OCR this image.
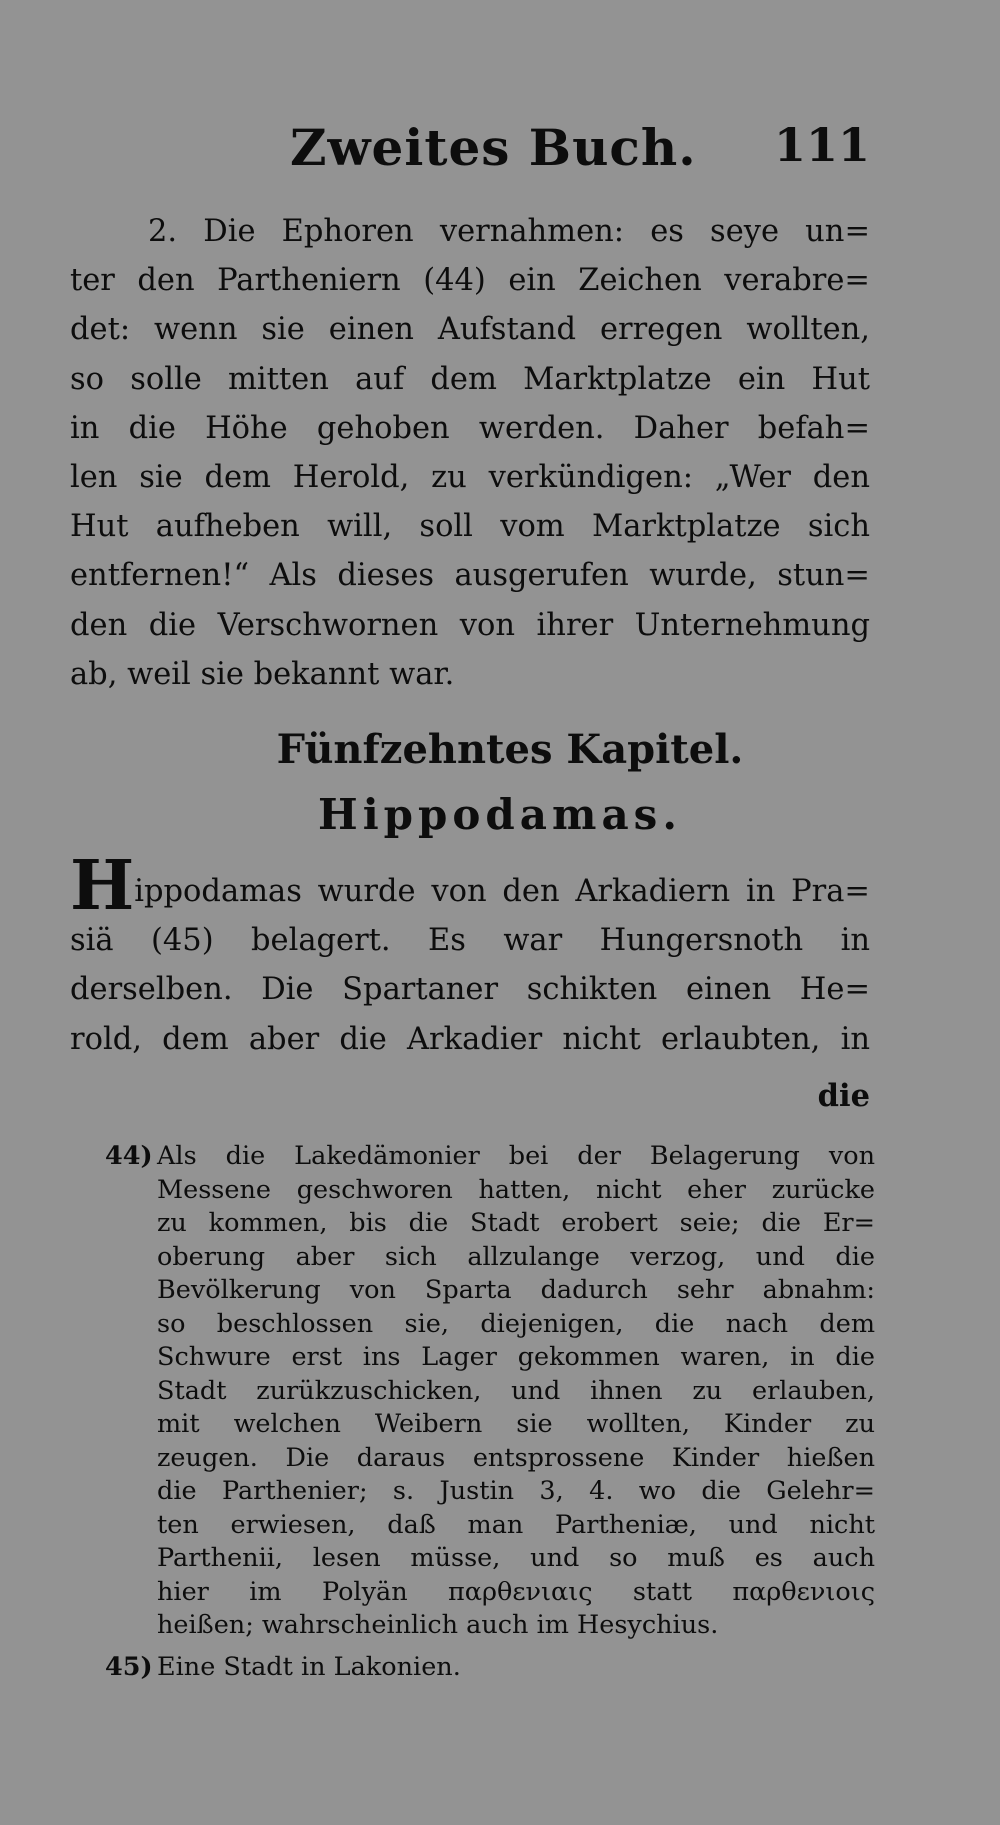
Zweites Buch. 111
2. Die Ephoren vernahmen: es seye un=
ter den Partheniern (44) ein Zeichen verabre=
det: wenn sie einen Aufstand erregen wollten,
so solle mitten auf dem Marktplatze ein Hut
in die Höhe gehoben werden. Daher befah=
len sie dem Herold, zu verkündigen: „Wer den
Hut aufheben will, soll vom Marktplatze sich
entfernen!“ Als dieses ausgerufen wurde, stun=
den die Verschwornen von ihrer Unternehmung
ab, weil sie bekannt war.
Fünfzehntes Kapitel.
Hippodamas.
Hippodamas wurde von den Arkadiern in Pra=
siä (45) belagert. Es war Hungersnoth in
derselben. Die Spartaner schikten einen He=
rold, dem aber die Arkadier nicht erlaubten, in
die
44) Als die Lakedämonier bei der Belagerung von
Messene geschworen hatten, nicht eher zurücke
zu kommen, bis die Stadt erobert seie; die Er=
oberung aber sich allzulange verzog, und die
Bevölkerung von Sparta dadurch sehr abnahm:
so beschlossen sie, diejenigen, die nach dem
Schwure erst ins Lager gekommen waren, in die
Stadt zurükzuschicken, und ihnen zu erlauben,
mit welchen Weibern sie wollten, Kinder zu
zeugen. Die daraus entsprossene Kinder hießen
die Parthenier; s. Justin 3, 4. wo die Gelehr=
ten erwiesen, daß man Partheniæ, und nicht
Parthenii, lesen müsse, und so muß es auch
hier im Polyän παρθενιαις statt παρθενιοις
heißen; wahrscheinlich auch im Hesychius.
45) Eine Stadt in Lakonien.
